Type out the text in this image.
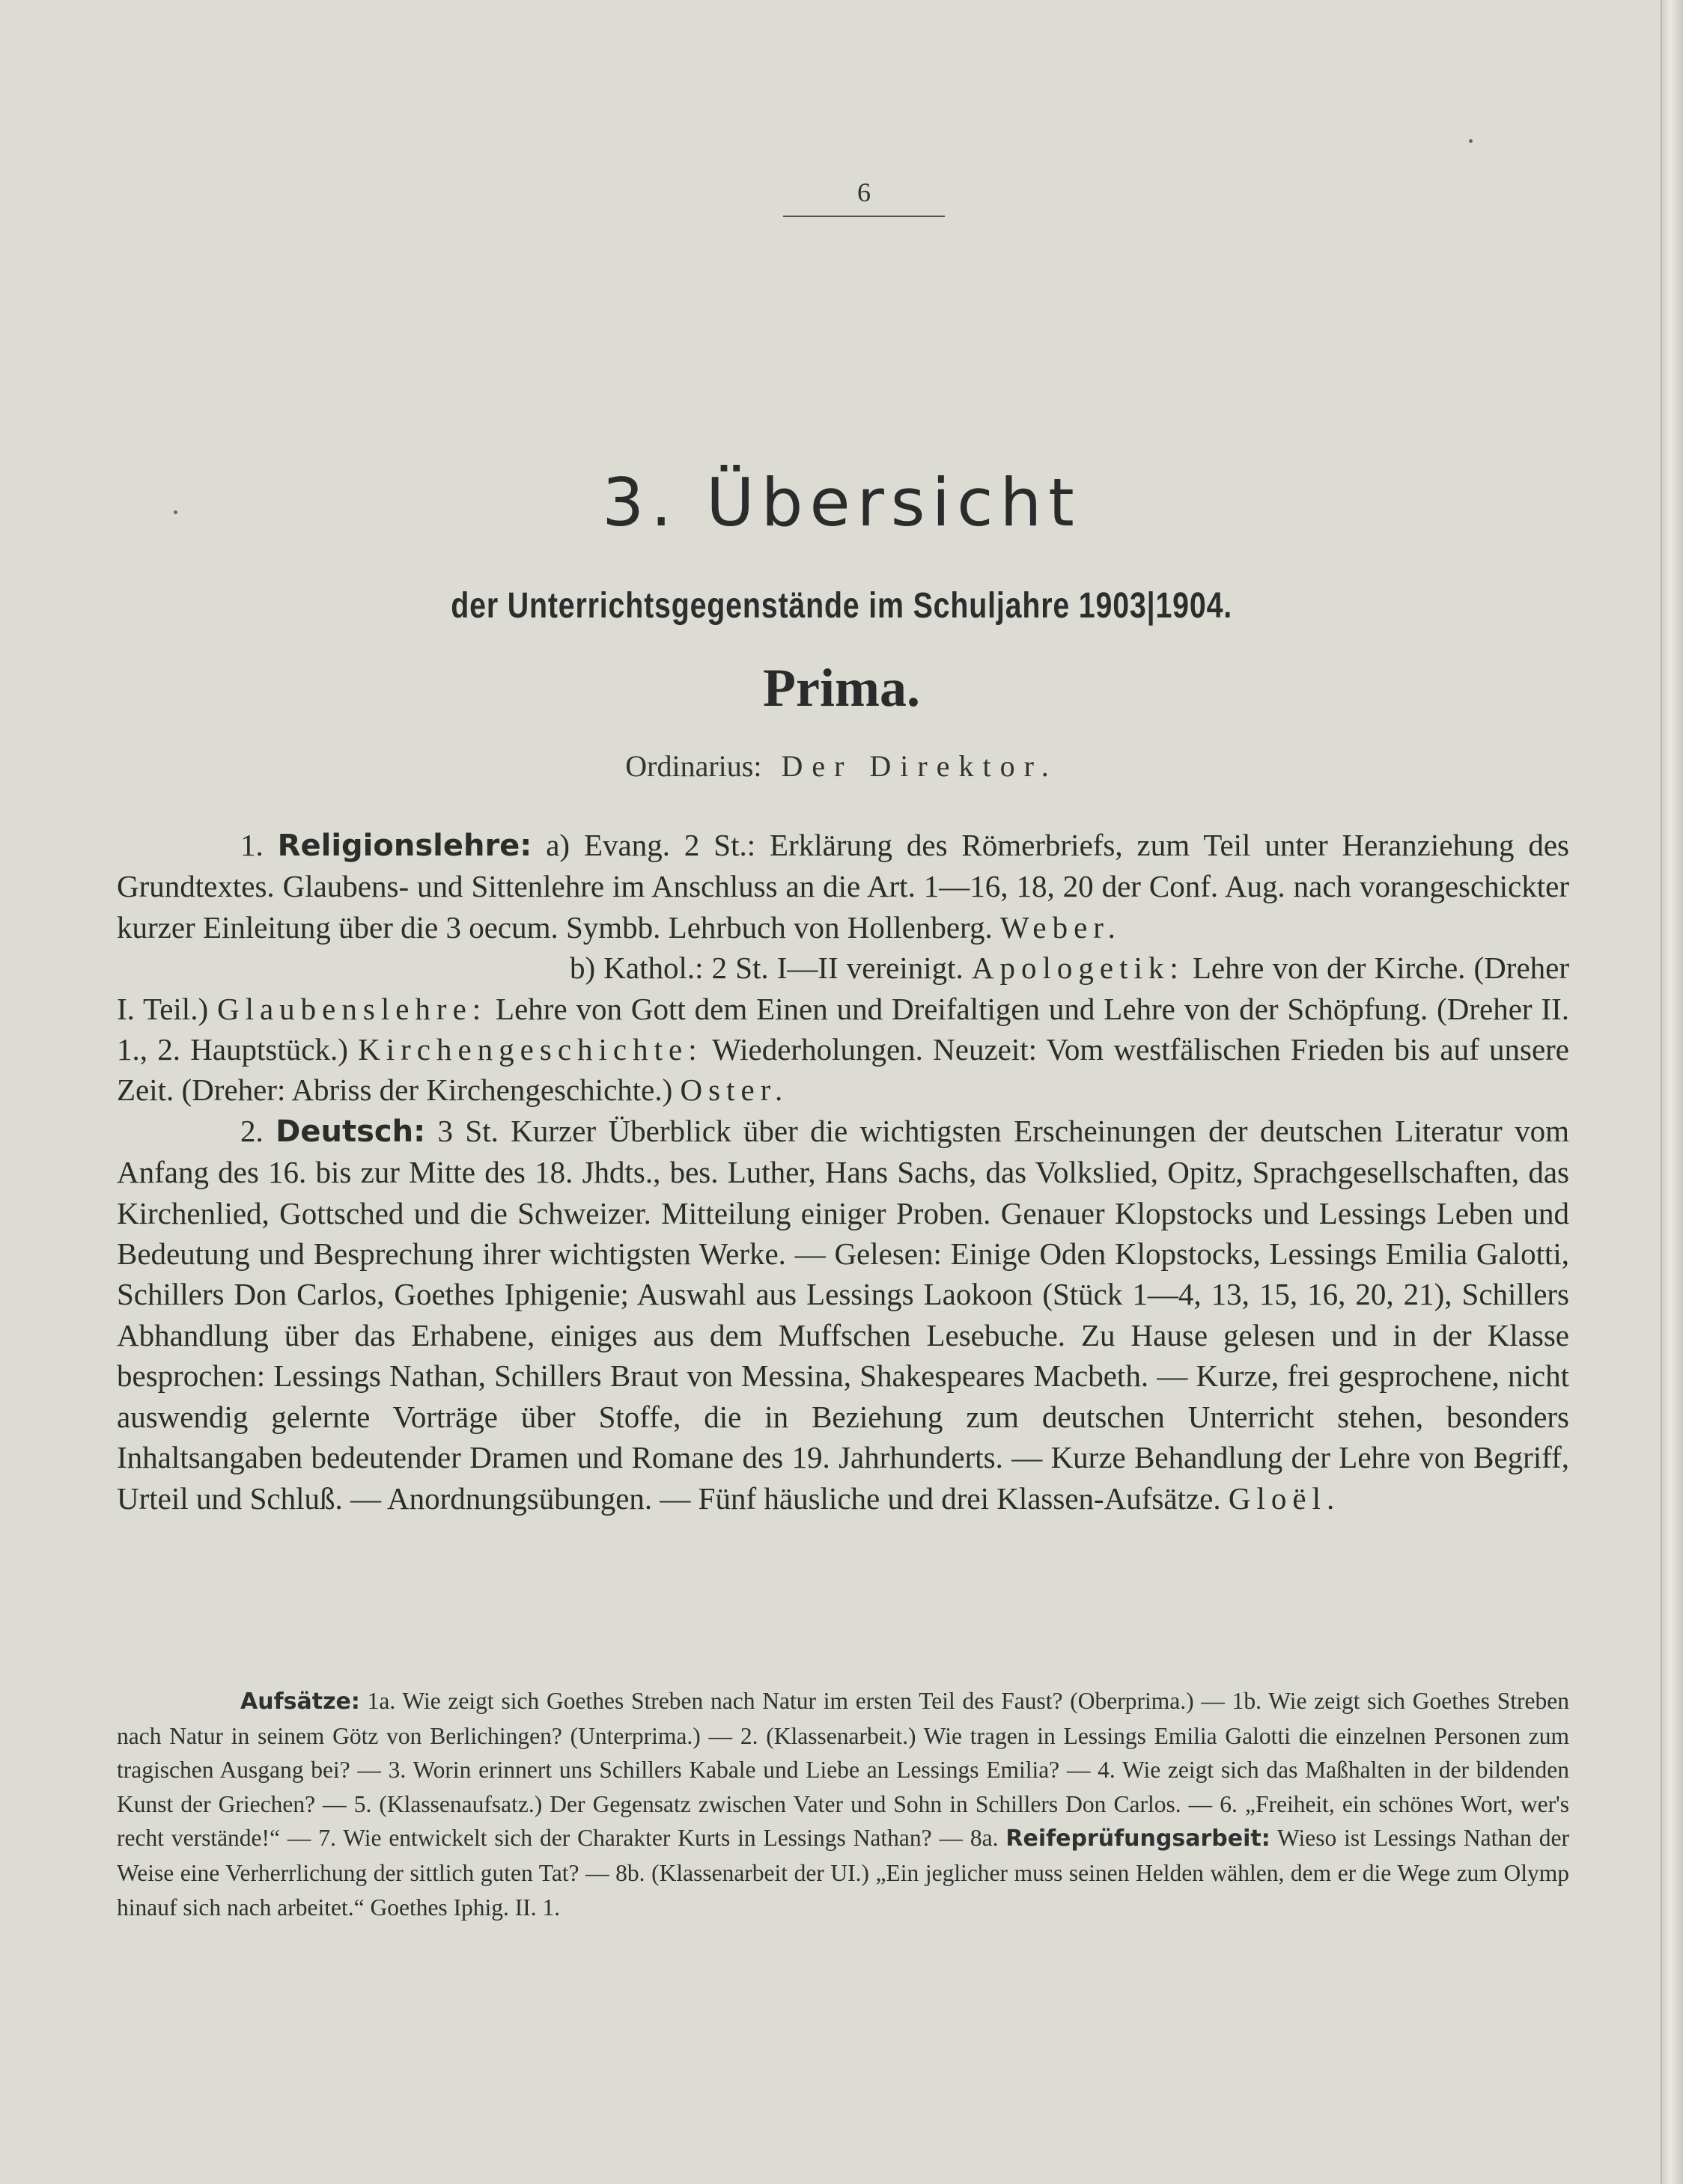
6
3. Übersicht
der Unterrichtsgegenstände im Schuljahre 1903|1904.
Prima.
Ordinarius: Der Direktor.

1. Religionslehre: a) Evang. 2 St.: Erklärung des Römerbriefs, zum Teil unter Heranziehung des Grundtextes. Glaubens- und Sittenlehre im Anschluss an die Art. 1—16, 18, 20 der Conf. Aug. nach vorangeschickter kurzer Einleitung über die 3 oecum. Symbb. Lehrbuch von Hollenberg. Weber.

b) Kathol.: 2 St. I—II vereinigt. Apologetik: Lehre von der Kirche. (Dreher I. Teil.) Glaubenslehre: Lehre von Gott dem Einen und Dreifaltigen und Lehre von der Schöpfung. (Dreher II. 1., 2. Hauptstück.) Kirchengeschichte: Wiederholungen. Neuzeit: Vom westfälischen Frieden bis auf unsere Zeit. (Dreher: Abriss der Kirchengeschichte.) Oster.

2. Deutsch: 3 St. Kurzer Überblick über die wichtigsten Erscheinungen der deutschen Literatur vom Anfang des 16. bis zur Mitte des 18. Jhdts., bes. Luther, Hans Sachs, das Volkslied, Opitz, Sprachgesellschaften, das Kirchenlied, Gottsched und die Schweizer. Mitteilung einiger Proben. Genauer Klopstocks und Lessings Leben und Bedeutung und Besprechung ihrer wichtigsten Werke. — Gelesen: Einige Oden Klopstocks, Lessings Emilia Galotti, Schillers Don Carlos, Goethes Iphigenie; Auswahl aus Lessings Laokoon (Stück 1—4, 13, 15, 16, 20, 21), Schillers Abhandlung über das Erhabene, einiges aus dem Muffschen Lesebuche. Zu Hause gelesen und in der Klasse besprochen: Lessings Nathan, Schillers Braut von Messina, Shakespeares Macbeth. — Kurze, frei gesprochene, nicht auswendig gelernte Vorträge über Stoffe, die in Beziehung zum deutschen Unterricht stehen, besonders Inhaltsangaben bedeutender Dramen und Romane des 19. Jahrhunderts. — Kurze Behandlung der Lehre von Begriff, Urteil und Schluß. — Anordnungsübungen. — Fünf häusliche und drei Klassen-Aufsätze. Gloël.

Aufsätze: 1a. Wie zeigt sich Goethes Streben nach Natur im ersten Teil des Faust? (Oberprima.) — 1b. Wie zeigt sich Goethes Streben nach Natur in seinem Götz von Berlichingen? (Unterprima.) — 2. (Klassenarbeit.) Wie tragen in Lessings Emilia Galotti die einzelnen Personen zum tragischen Ausgang bei? — 3. Worin erinnert uns Schillers Kabale und Liebe an Lessings Emilia? — 4. Wie zeigt sich das Maßhalten in der bildenden Kunst der Griechen? — 5. (Klassenaufsatz.) Der Gegensatz zwischen Vater und Sohn in Schillers Don Carlos. — 6. „Freiheit, ein schönes Wort, wer's recht verstände!“ — 7. Wie entwickelt sich der Charakter Kurts in Lessings Nathan? — 8a. Reifeprüfungsarbeit: Wieso ist Lessings Nathan der Weise eine Verherrlichung der sittlich guten Tat? — 8b. (Klassenarbeit der UI.) „Ein jeglicher muss seinen Helden wählen, dem er die Wege zum Olymp hinauf sich nach arbeitet.“ Goethes Iphig. II. 1.
